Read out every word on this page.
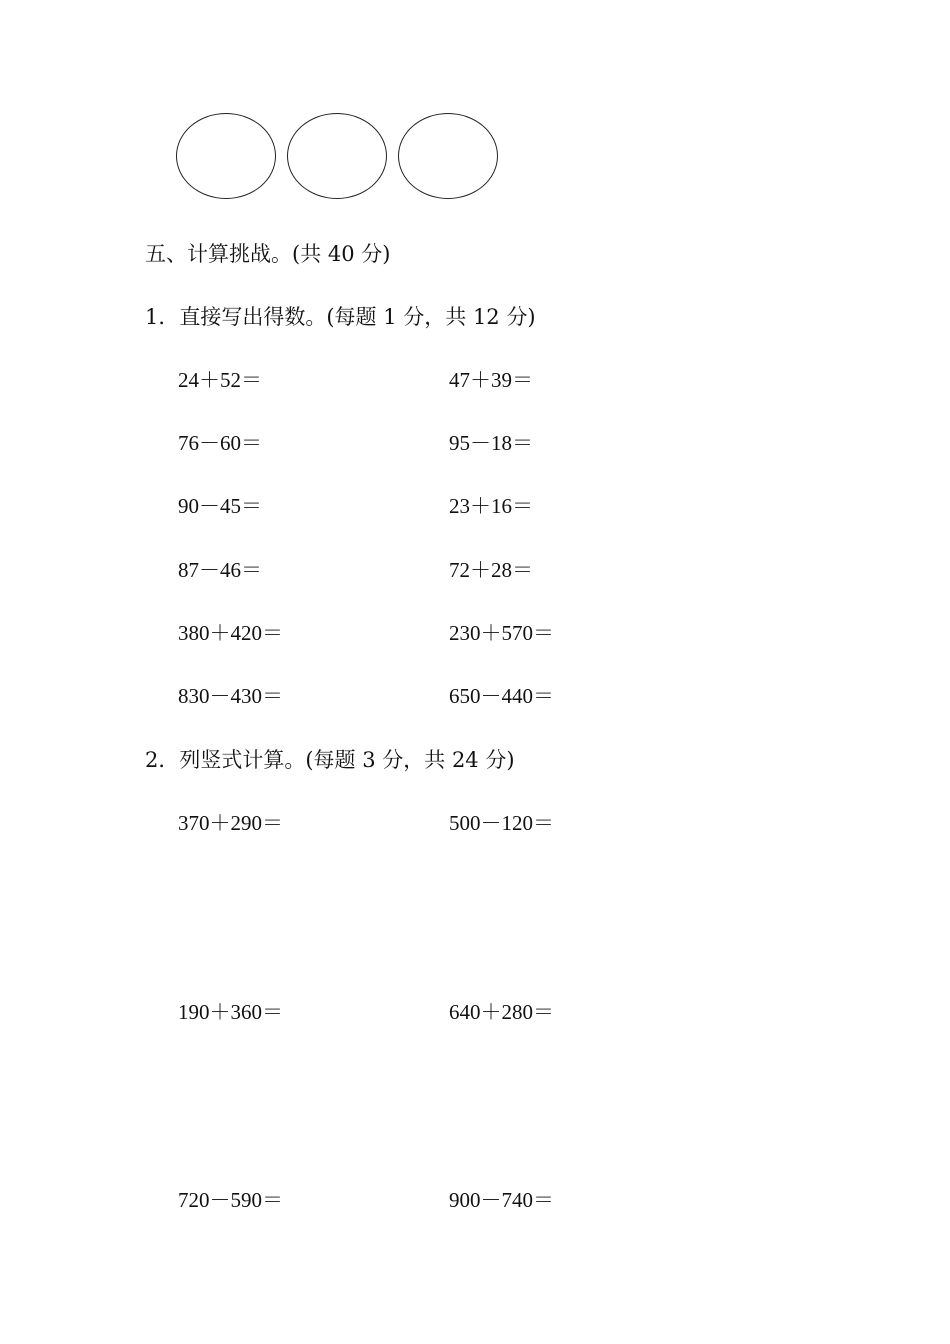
五、计算挑战。(共 40 分)
1．直接写出得数。(每题 1 分，共 12 分)
24＋52＝	47＋39＝
76－60＝	95－18＝
90－45＝	23＋16＝
87－46＝	72＋28＝
380＋420＝	230＋570＝
830－430＝	650－440＝
2．列竖式计算。(每题 3 分，共 24 分)
370＋290＝	500－120＝
190＋360＝	640＋280＝
720－590＝	900－740＝
